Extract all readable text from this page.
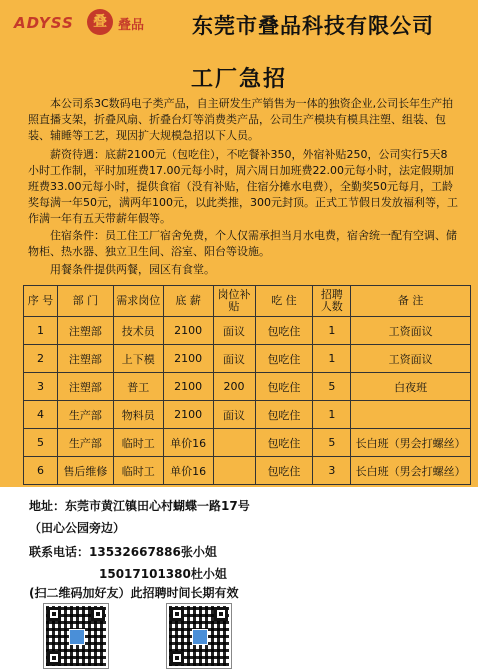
ADYSS	叠 叠品 东莞市叠品科技有限公司
工厂急招
本公司系3C数码电子类产品，自主研发生产销售为一体的独资企业,公司长年生产拍照直播支架，折叠风扇、折叠台灯等消费类产品，公司生产模块有模具注塑、组装、包装、辅睡等工艺，现因扩大规模急招以下人员。
薪资待遇：底薪2100元（包吃住），不吃餐补350，外宿补贴250，公司实行5天8小时工作制，平时加班费17.00元每小时，周六周日加班费22.00元每小时，法定假期加班费33.00元每小时，提供食宿（没有补贴，住宿分摊水电费），全勤奖50元每月，工龄奖每满一年50元，满两年100元，以此类推，300元封顶。正式工节假日发放福利等，工作满一年有五天带薪年假等。
住宿条件：员工住工厂宿舍免费，个人仅需承担当月水电费，宿舍统一配有空调、储物柜、热水器、独立卫生间、浴室、阳台等设施。
用餐条件提供两餐，园区有食堂。
序 号	部 门	需求岗位	底 薪	岗位补贴	吃 住	招聘人数	备 注
1	注塑部	技术员	2100	面议	包吃住	1	工资面议
2	注塑部	上下模	2100	面议	包吃住	1	工资面议
3	注塑部	普工	2100	200	包吃住	5	白夜班
4	生产部	物料员	2100	面议	包吃住	1	
5	生产部	临时工	单价16		包吃住	5	长白班（男会打螺丝）
6	售后维修	临时工	单价16		包吃住	3	长白班（男会打螺丝）
地址：东莞市黄江镇田心村蝴蝶一路17号
（田心公园旁边）
联系电话：13532667886张小姐
15017101380杜小姐
(扫二维码加好友）此招聘时间长期有效
